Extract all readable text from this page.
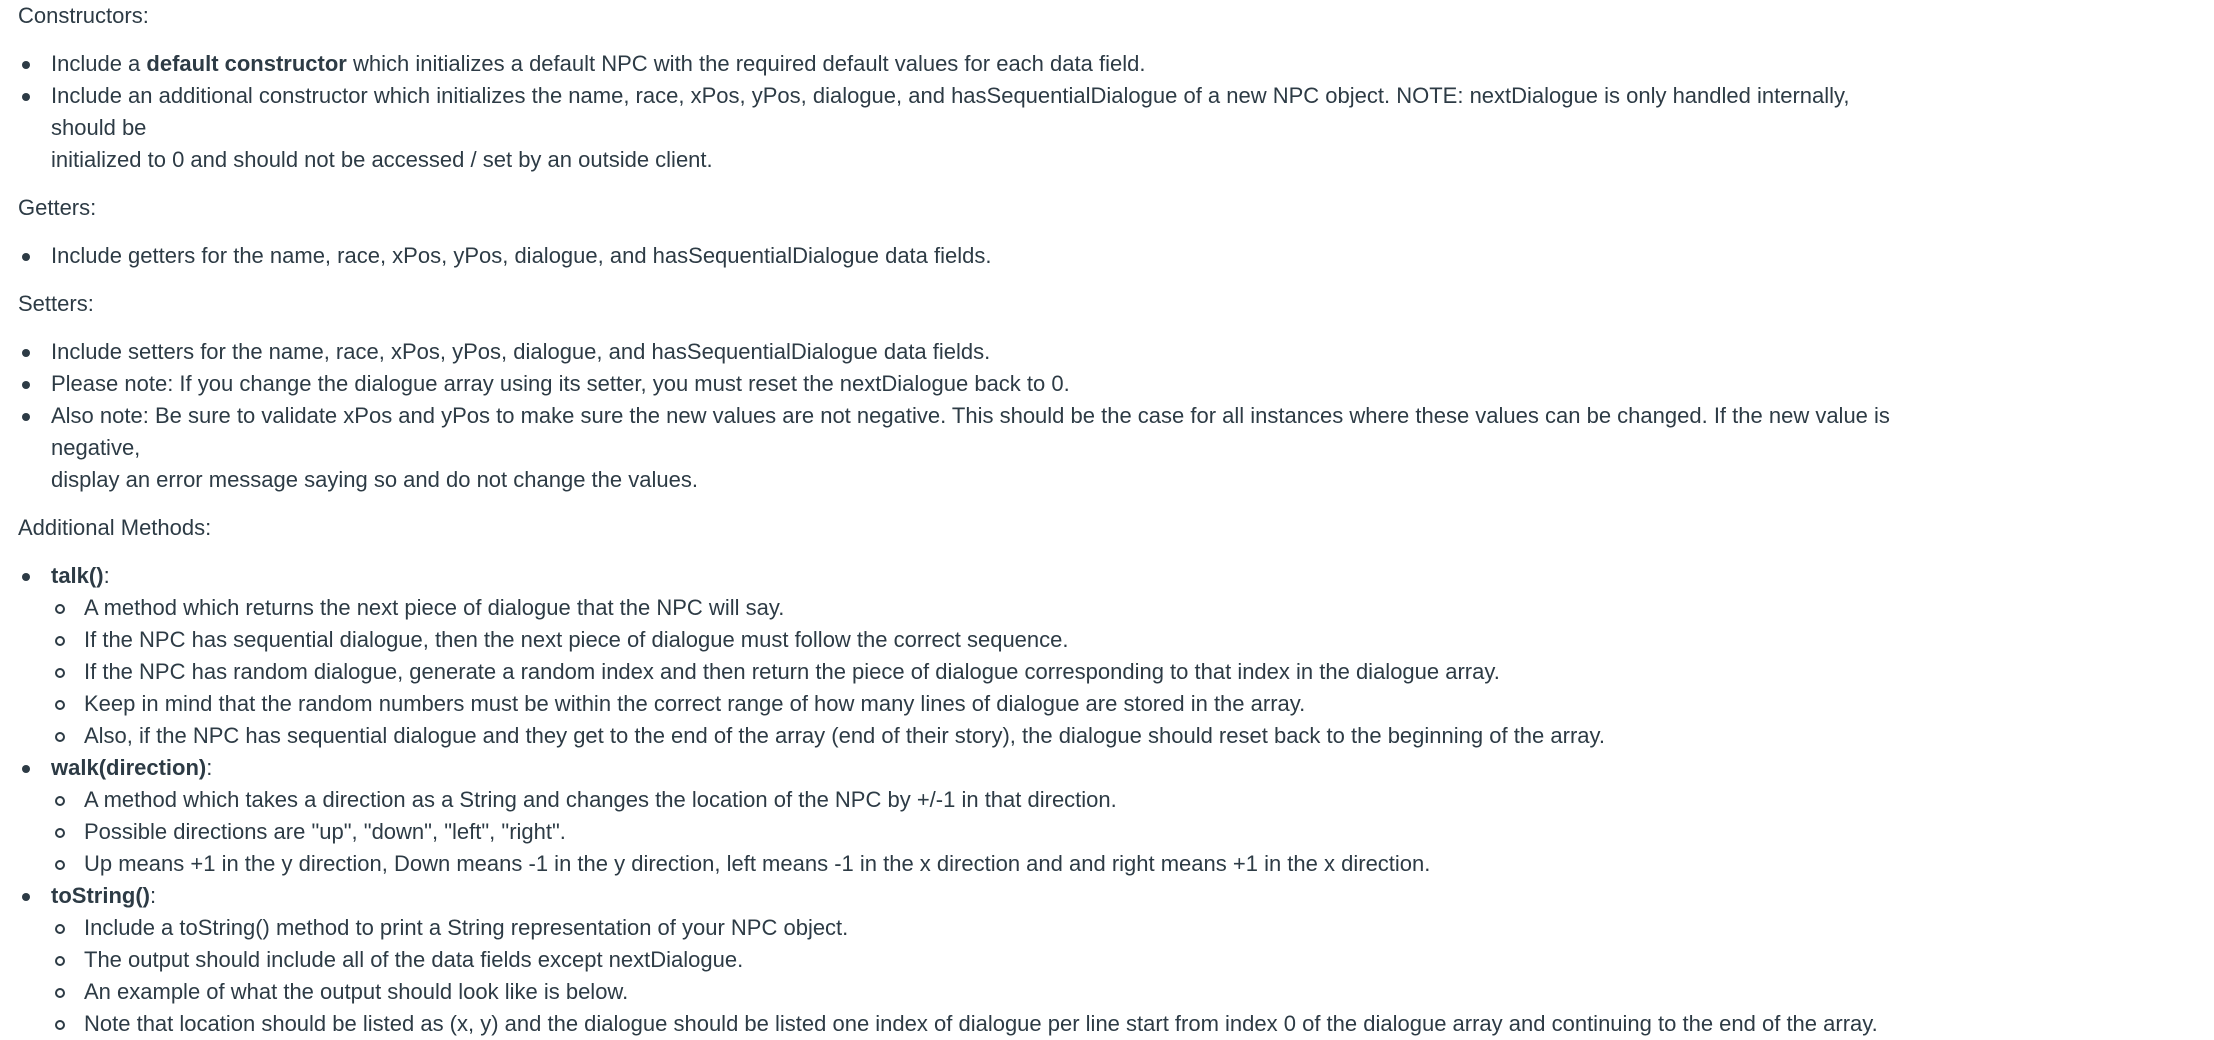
Constructors:
Include a default constructor which initializes a default NPC with the required default values for each data field.
Include an additional constructor which initializes the name, race, xPos, yPos, dialogue, and hasSequentialDialogue of a new NPC object. NOTE: nextDialogue is only handled internally, should be
initialized to 0 and should not be accessed / set by an outside client.
Getters:
Include getters for the name, race, xPos, yPos, dialogue, and hasSequentialDialogue data fields.
Setters:
Include setters for the name, race, xPos, yPos, dialogue, and hasSequentialDialogue data fields.
Please note: If you change the dialogue array using its setter, you must reset the nextDialogue back to 0.
Also note: Be sure to validate xPos and yPos to make sure the new values are not negative. This should be the case for all instances where these values can be changed. If the new value is negative,
display an error message saying so and do not change the values.
Additional Methods:
talk():
A method which returns the next piece of dialogue that the NPC will say.
If the NPC has sequential dialogue, then the next piece of dialogue must follow the correct sequence.
If the NPC has random dialogue, generate a random index and then return the piece of dialogue corresponding to that index in the dialogue array.
Keep in mind that the random numbers must be within the correct range of how many lines of dialogue are stored in the array.
Also, if the NPC has sequential dialogue and they get to the end of the array (end of their story), the dialogue should reset back to the beginning of the array.
walk(direction):
A method which takes a direction as a String and changes the location of the NPC by +/-1 in that direction.
Possible directions are "up", "down", "left", "right".
Up means +1 in the y direction, Down means -1 in the y direction, left means -1 in the x direction and and right means +1 in the x direction.
toString():
Include a toString() method to print a String representation of your NPC object.
The output should include all of the data fields except nextDialogue.
An example of what the output should look like is below.
Note that location should be listed as (x, y) and the dialogue should be listed one index of dialogue per line start from index 0 of the dialogue array and continuing to the end of the array.
